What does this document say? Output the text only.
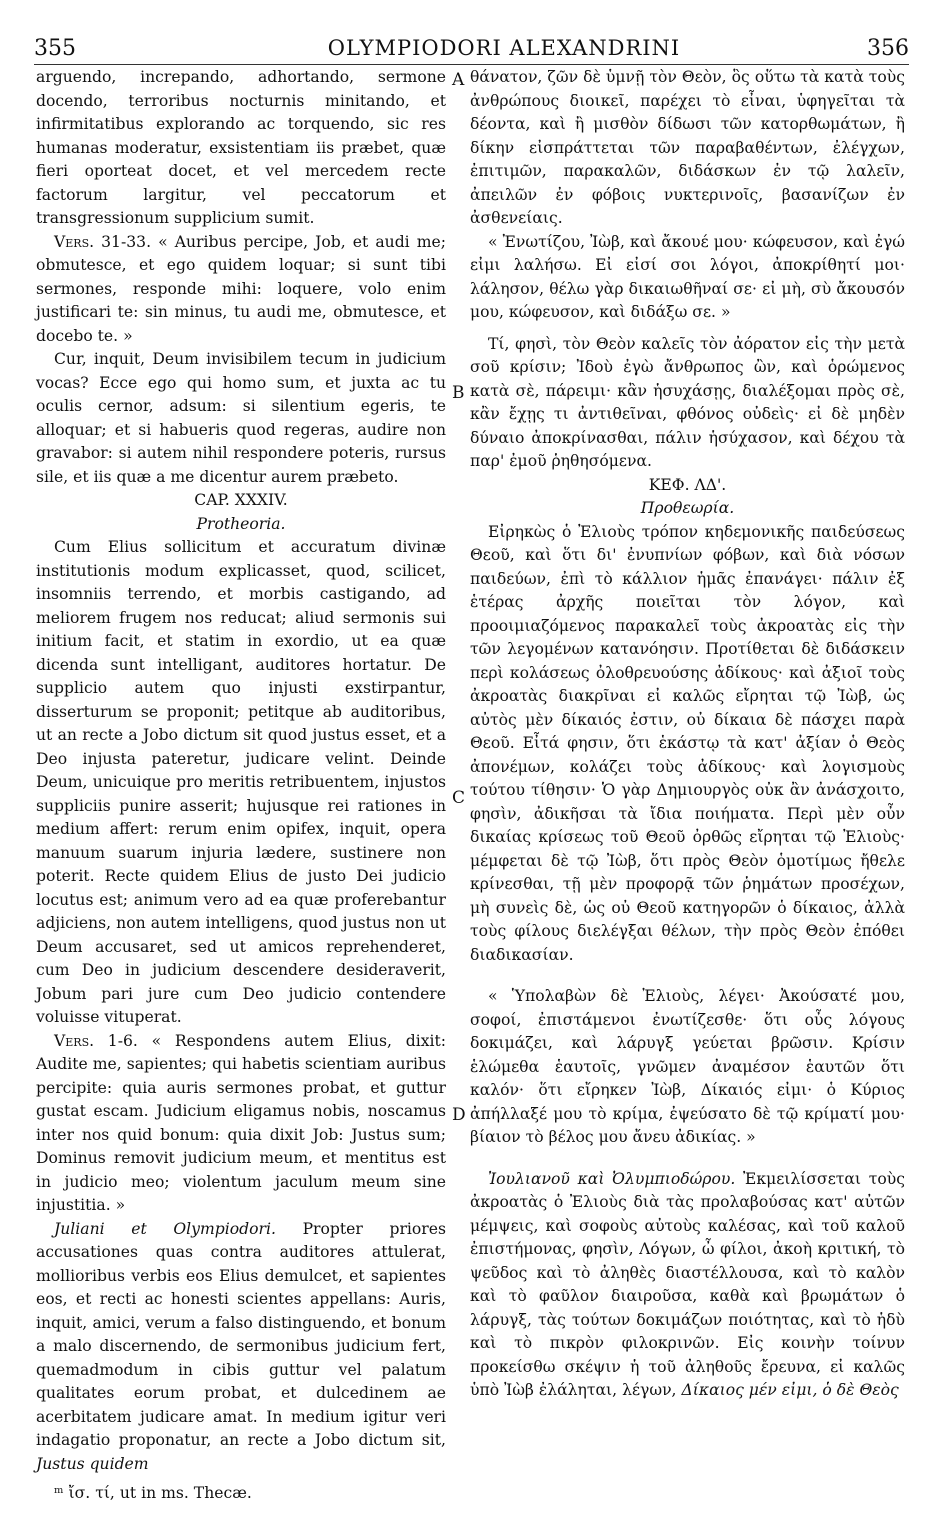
355	OLYMPIODORI ALEXANDRINI	356
A
B
C
D

arguendo, increpando, adhortando, sermone docendo, terroribus nocturnis minitando, et infirmitatibus explorando ac torquendo, sic res humanas moderatur, exsistentiam iis præbet, quæ fieri oporteat docet, et vel mercedem recte factorum largitur, vel peccatorum et transgressionum supplicium sumit.

Vers. 31-33. « Auribus percipe, Job, et audi me; obmutesce, et ego quidem loquar; si sunt tibi sermones, responde mihi: loquere, volo enim justificari te: sin minus, tu audi me, obmutesce, et docebo te. »

Cur, inquit, Deum invisibilem tecum in judicium vocas? Ecce ego qui homo sum, et juxta ac tu oculis cernor, adsum: si silentium egeris, te alloquar; et si habueris quod regeras, audire non gravabor: si autem nihil respondere poteris, rursus sile, et iis quæ a me dicentur aurem præbeto.

CAP. XXXIV.

Protheoria.

Cum Elius sollicitum et accuratum divinæ institutionis modum explicasset, quod, scilicet, insomniis terrendo, et morbis castigando, ad meliorem frugem nos reducat; aliud sermonis sui initium facit, et statim in exordio, ut ea quæ dicenda sunt intelligant, auditores hortatur. De supplicio autem quo injusti exstirpantur, disserturum se proponit; petitque ab auditoribus, ut an recte a Jobo dictum sit quod justus esset, et a Deo injusta pateretur, judicare velint. Deinde Deum, unicuique pro meritis retribuentem, injustos suppliciis punire asserit; hujusque rei rationes in medium affert: rerum enim opifex, inquit, opera manuum suarum injuria lædere, sustinere non poterit. Recte quidem Elius de justo Dei judicio locutus est; animum vero ad ea quæ proferebantur adjiciens, non autem intelligens, quod justus non ut Deum accusaret, sed ut amicos reprehenderet, cum Deo in judicium descendere desideraverit, Jobum pari jure cum Deo judicio contendere voluisse vituperat.

Vers. 1-6. « Respondens autem Elius, dixit: Audite me, sapientes; qui habetis scientiam auribus percipite: quia auris sermones probat, et guttur gustat escam. Judicium eligamus nobis, noscamus inter nos quid bonum: quia dixit Job: Justus sum; Dominus removit judicium meum, et mentitus est in judicio meo; violentum jaculum meum sine injustitia. »

Juliani et Olympiodori. Propter priores accusationes quas contra auditores attulerat, mollioribus verbis eos Elius demulcet, et sapientes eos, et recti ac honesti scientes appellans: Auris, inquit, amici, verum a falso distinguendo, et bonum a malo discernendo, de sermonibus judicium fert, quemadmodum in cibis guttur vel palatum qualitates eorum probat, et dulcedinem ae acerbitatem judicare amat. In medium igitur veri indagatio proponatur, an recte a Jobo dictum sit, Justus quidem

ᵐ ἴσ. τί, ut in ms. Thecæ.

θάνατον, ζῶν δὲ ὑμνῇ τὸν Θεὸν, ὃς οὕτω τὰ κατὰ τοὺς ἀνθρώπους διοικεῖ, παρέχει τὸ εἶναι, ὑφηγεῖται τὰ δέοντα, καὶ ἢ μισθὸν δίδωσι τῶν κατορθωμάτων, ἢ δίκην εἰσπράττεται τῶν παραβαθέντων, ἐλέγχων, ἐπιτιμῶν, παρακαλῶν, διδάσκων ἐν τῷ λαλεῖν, ἀπειλῶν ἐν φόβοις νυκτερινοῖς, βασανίζων ἐν ἀσθενείαις.

« Ἐνωτίζου, Ἰὼβ, καὶ ἄκουέ μου· κώφευσον, καὶ ἐγώ εἰμι λαλήσω. Εἰ εἰσί σοι λόγοι, ἀποκρίθητί μοι· λάλησον, θέλω γὰρ δικαιωθῆναί σε· εἰ μὴ, σὺ ἄκουσόν μου, κώφευσον, καὶ διδάξω σε. »

Τί, φησὶ, τὸν Θεὸν καλεῖς τὸν ἀόρατον εἰς τὴν μετὰ σοῦ κρίσιν; Ἰδοὺ ἐγὼ ἄνθρωπος ὢν, καὶ ὁρώμενος κατὰ σὲ, πάρειμι· κἂν ἡσυχάσῃς, διαλέξομαι πρὸς σὲ, κἂν ἔχῃς τι ἀντιθεῖναι, φθόνος οὐδεὶς· εἰ δὲ μηδὲν δύναιο ἀποκρίνασθαι, πάλιν ἡσύχασον, καὶ δέχου τὰ παρ' ἐμοῦ ῥηθησόμενα.

ΚΕΦ. ΛΔ'.

Προθεωρία.

Εἰρηκὼς ὁ Ἐλιοὺς τρόπον κηδεμονικῆς παιδεύσεως Θεοῦ, καὶ ὅτι δι' ἐνυπνίων φόβων, καὶ διὰ νόσων παιδεύων, ἐπὶ τὸ κάλλιον ἡμᾶς ἐπανάγει· πάλιν ἐξ ἑτέρας ἀρχῆς ποιεῖται τὸν λόγον, καὶ προοιμιαζόμενος παρακαλεῖ τοὺς ἀκροατὰς εἰς τὴν τῶν λεγομένων κατανόησιν. Προτίθεται δὲ διδάσκειν περὶ κολάσεως ὀλοθρευούσης ἀδίκους· καὶ ἀξιοῖ τοὺς ἀκροατὰς διακρῖναι εἰ καλῶς εἴρηται τῷ Ἰὼβ, ὡς αὐτὸς μὲν δίκαιός ἐστιν, οὐ δίκαια δὲ πάσχει παρὰ Θεοῦ. Εἶτά φησιν, ὅτι ἑκάστῳ τὰ κατ' ἀξίαν ὁ Θεὸς ἀπονέμων, κολάζει τοὺς ἀδίκους· καὶ λογισμοὺς τούτου τίθησιν· Ὁ γὰρ Δημιουργὸς οὐκ ἂν ἀνάσχοιτο, φησὶν, ἀδικῆσαι τὰ ἴδια ποιήματα. Περὶ μὲν οὖν δικαίας κρίσεως τοῦ Θεοῦ ὀρθῶς εἴρηται τῷ Ἐλιοὺς· μέμφεται δὲ τῷ Ἰὼβ, ὅτι πρὸς Θεὸν ὁμοτίμως ἤθελε κρίνεσθαι, τῇ μὲν προφορᾷ τῶν ῥημάτων προσέχων, μὴ συνεὶς δὲ, ὡς οὐ Θεοῦ κατηγορῶν ὁ δίκαιος, ἀλλὰ τοὺς φίλους διελέγξαι θέλων, τὴν πρὸς Θεὸν ἐπόθει διαδικασίαν.

« Ὑπολαβὼν δὲ Ἐλιοὺς, λέγει· Ἀκούσατέ μου, σοφοί, ἐπιστάμενοι ἐνωτίζεσθε· ὅτι οὖς λόγους δοκιμάζει, καὶ λάρυγξ γεύεται βρῶσιν. Κρίσιν ἑλώμεθα ἑαυτοῖς, γνῶμεν ἀναμέσον ἑαυτῶν ὅτι καλόν· ὅτι εἴρηκεν Ἰὼβ, Δίκαιός εἰμι· ὁ Κύριος ἀπήλλαξέ μου τὸ κρίμα, ἐψεύσατο δὲ τῷ κρίματί μου· βίαιον τὸ βέλος μου ἄνευ ἀδικίας. »

Ἰουλιανοῦ καὶ Ὀλυμπιοδώρου. Ἐκμειλίσσεται τοὺς ἀκροατὰς ὁ Ἐλιοὺς διὰ τὰς προλαβούσας κατ' αὐτῶν μέμψεις, καὶ σοφοὺς αὐτοὺς καλέσας, καὶ τοῦ καλοῦ ἐπιστήμονας, φησὶν, Λόγων, ὦ φίλοι, ἀκοὴ κριτική, τὸ ψεῦδος καὶ τὸ ἀληθὲς διαστέλλουσα, καὶ τὸ καλὸν καὶ τὸ φαῦλον διαιροῦσα, καθὰ καὶ βρωμάτων ὁ λάρυγξ, τὰς τούτων δοκιμάζων ποιότητας, καὶ τὸ ἡδὺ καὶ τὸ πικρὸν φιλοκρινῶν. Εἰς κοινὴν τοίνυν προκείσθω σκέψιν ἡ τοῦ ἀληθοῦς ἔρευνα, εἰ καλῶς ὑπὸ Ἰὼβ ἐλάληται, λέγων, Δίκαιος μέν εἰμι, ὁ δὲ Θεὸς
